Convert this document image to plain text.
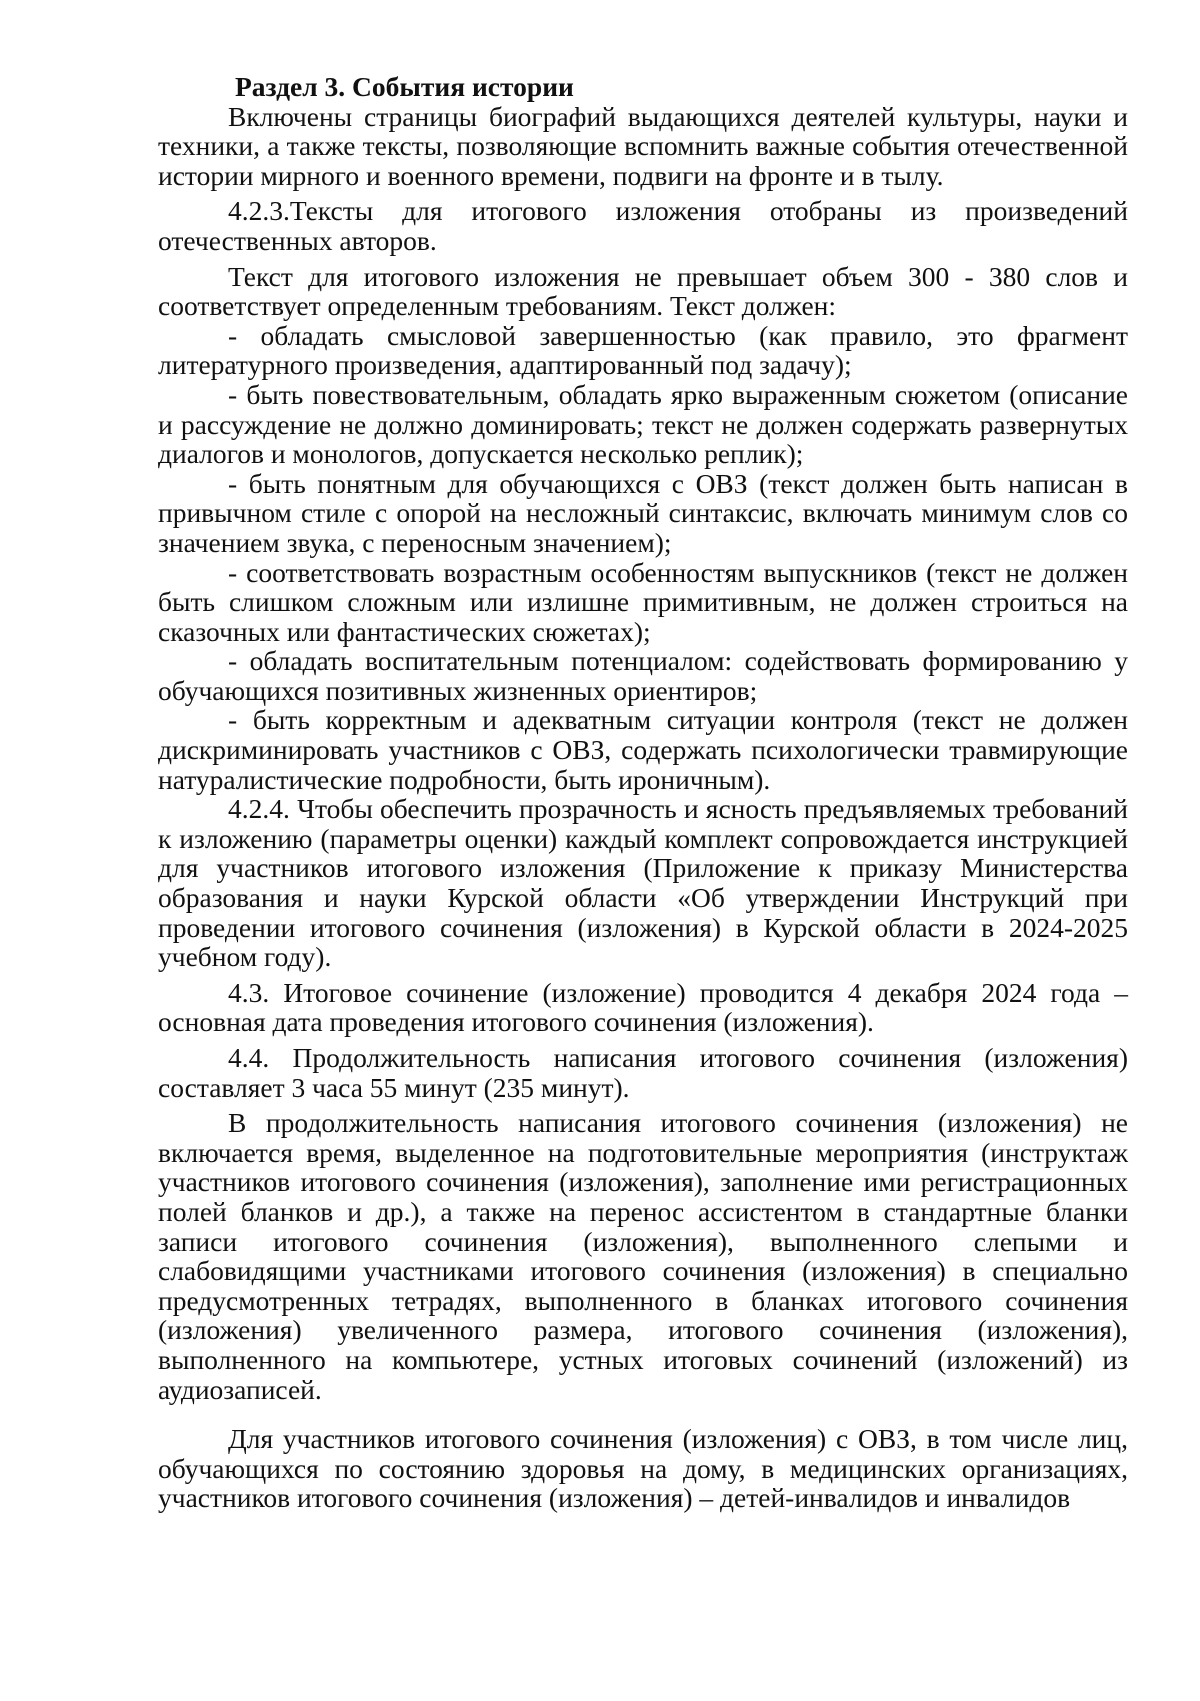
Раздел 3. События истории

Включены страницы биографий выдающихся деятелей культуры, науки и техники, а также тексты, позволяющие вспомнить важные события отечественной истории мирного и военного времени, подвиги на фронте и в тылу.

4.2.3.Тексты для итогового изложения отобраны из произведений отечественных авторов.

Текст для итогового изложения не превышает объем 300 - 380 слов и соответствует определенным требованиям. Текст должен:

- обладать смысловой завершенностью (как правило, это фрагмент литературного произведения, адаптированный под задачу);

- быть повествовательным, обладать ярко выраженным сюжетом (описание и рассуждение не должно доминировать; текст не должен содержать развернутых диалогов и монологов, допускается несколько реплик);

- быть понятным для обучающихся с ОВЗ (текст должен быть написан в привычном стиле с опорой на несложный синтаксис, включать минимум слов со значением звука, с переносным значением);

- соответствовать возрастным особенностям выпускников (текст не должен быть слишком сложным или излишне примитивным, не должен строиться на сказочных или фантастических сюжетах);

- обладать воспитательным потенциалом: содействовать формированию у обучающихся позитивных жизненных ориентиров;

- быть корректным и адекватным ситуации контроля (текст не должен дискриминировать участников с ОВЗ, содержать психологически травмирующие натуралистические подробности, быть ироничным).

4.2.4. Чтобы обеспечить прозрачность и ясность предъявляемых требований к изложению (параметры оценки) каждый комплект сопровождается инструкцией для участников итогового изложения (Приложение к приказу Министерства образования и науки Курской области «Об утверждении Инструкций при проведении итогового сочинения (изложения) в Курской области в 2024-2025 учебном году).

4.3. Итоговое сочинение (изложение) проводится 4 декабря 2024 года – основная дата проведения итогового сочинения (изложения).

4.4. Продолжительность написания итогового сочинения (изложения) составляет 3 часа 55 минут (235 минут).

В продолжительность написания итогового сочинения (изложения) не включается время, выделенное на подготовительные мероприятия (инструктаж участников итогового сочинения (изложения), заполнение ими регистрационных полей бланков и др.), а также на перенос ассистентом в стандартные бланки записи итогового сочинения (изложения), выполненного слепыми и слабовидящими участниками итогового сочинения (изложения) в специально предусмотренных тетрадях, выполненного в бланках итогового сочинения (изложения) увеличенного размера, итогового сочинения (изложения), выполненного на компьютере, устных итоговых сочинений (изложений) из аудиозаписей.

Для участников итогового сочинения (изложения) с ОВЗ, в том числе лиц, обучающихся по состоянию здоровья на дому, в медицинских организациях, участников итогового сочинения (изложения) – детей-инвалидов и инвалидов
